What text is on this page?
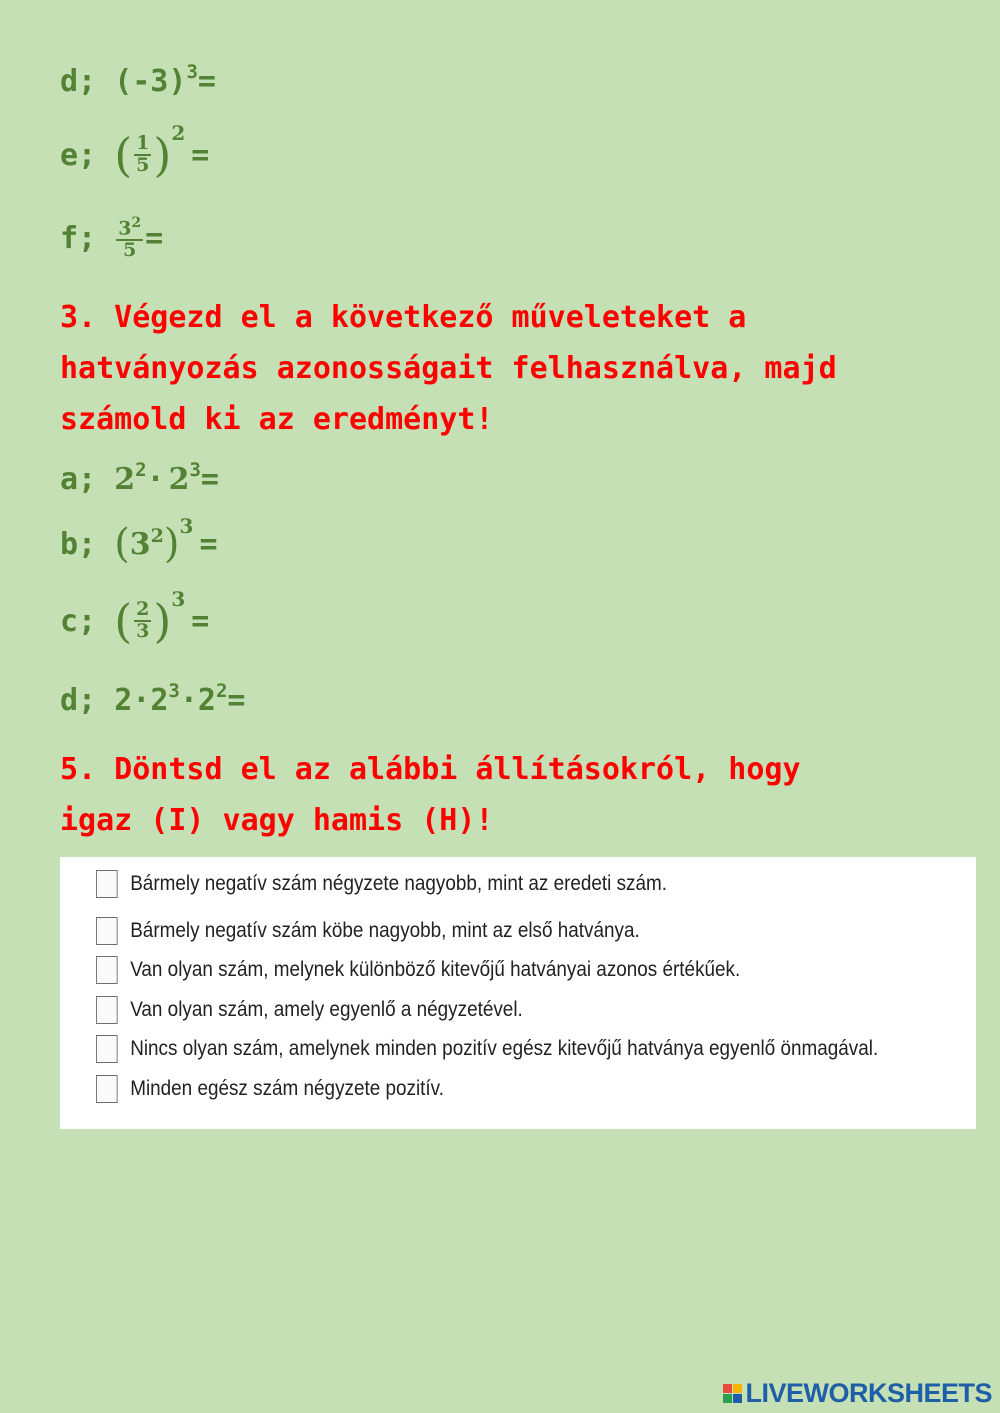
d; $(-3)^3$ =
e; ( $\frac{1}{5}$ ) 2
=
f; $\frac{3^2}{5}$ =
3. Végezd el a következő műveleteket a hatványozás azonosságait felhasználva, majd számold ki az eredményt!
a; $2^2 \cdot 2^3$ =
b; ( $3^2$ ) 3
=
c; ( $\frac{2}{3}$ ) 3
=
d; $2 \cdot 2^3 \cdot 2^2$ =
5. Döntsd el az alábbi állításokról, hogy igaz (I) vagy hamis (H)!
Bármely negatív szám négyzete nagyobb, mint az eredeti szám.
Bármely negatív szám köbe nagyobb, mint az első hatványa.
Van olyan szám, melynek különböző kitevőjű hatványai azonos értékűek.
Van olyan szám, amely egyenlő a négyzetével.
Nincs olyan szám, amelynek minden pozitív egész kitevőjű hatványa egyenlő önmagával.
Minden egész szám négyzete pozitív.
LIVEWORKSHEETS
